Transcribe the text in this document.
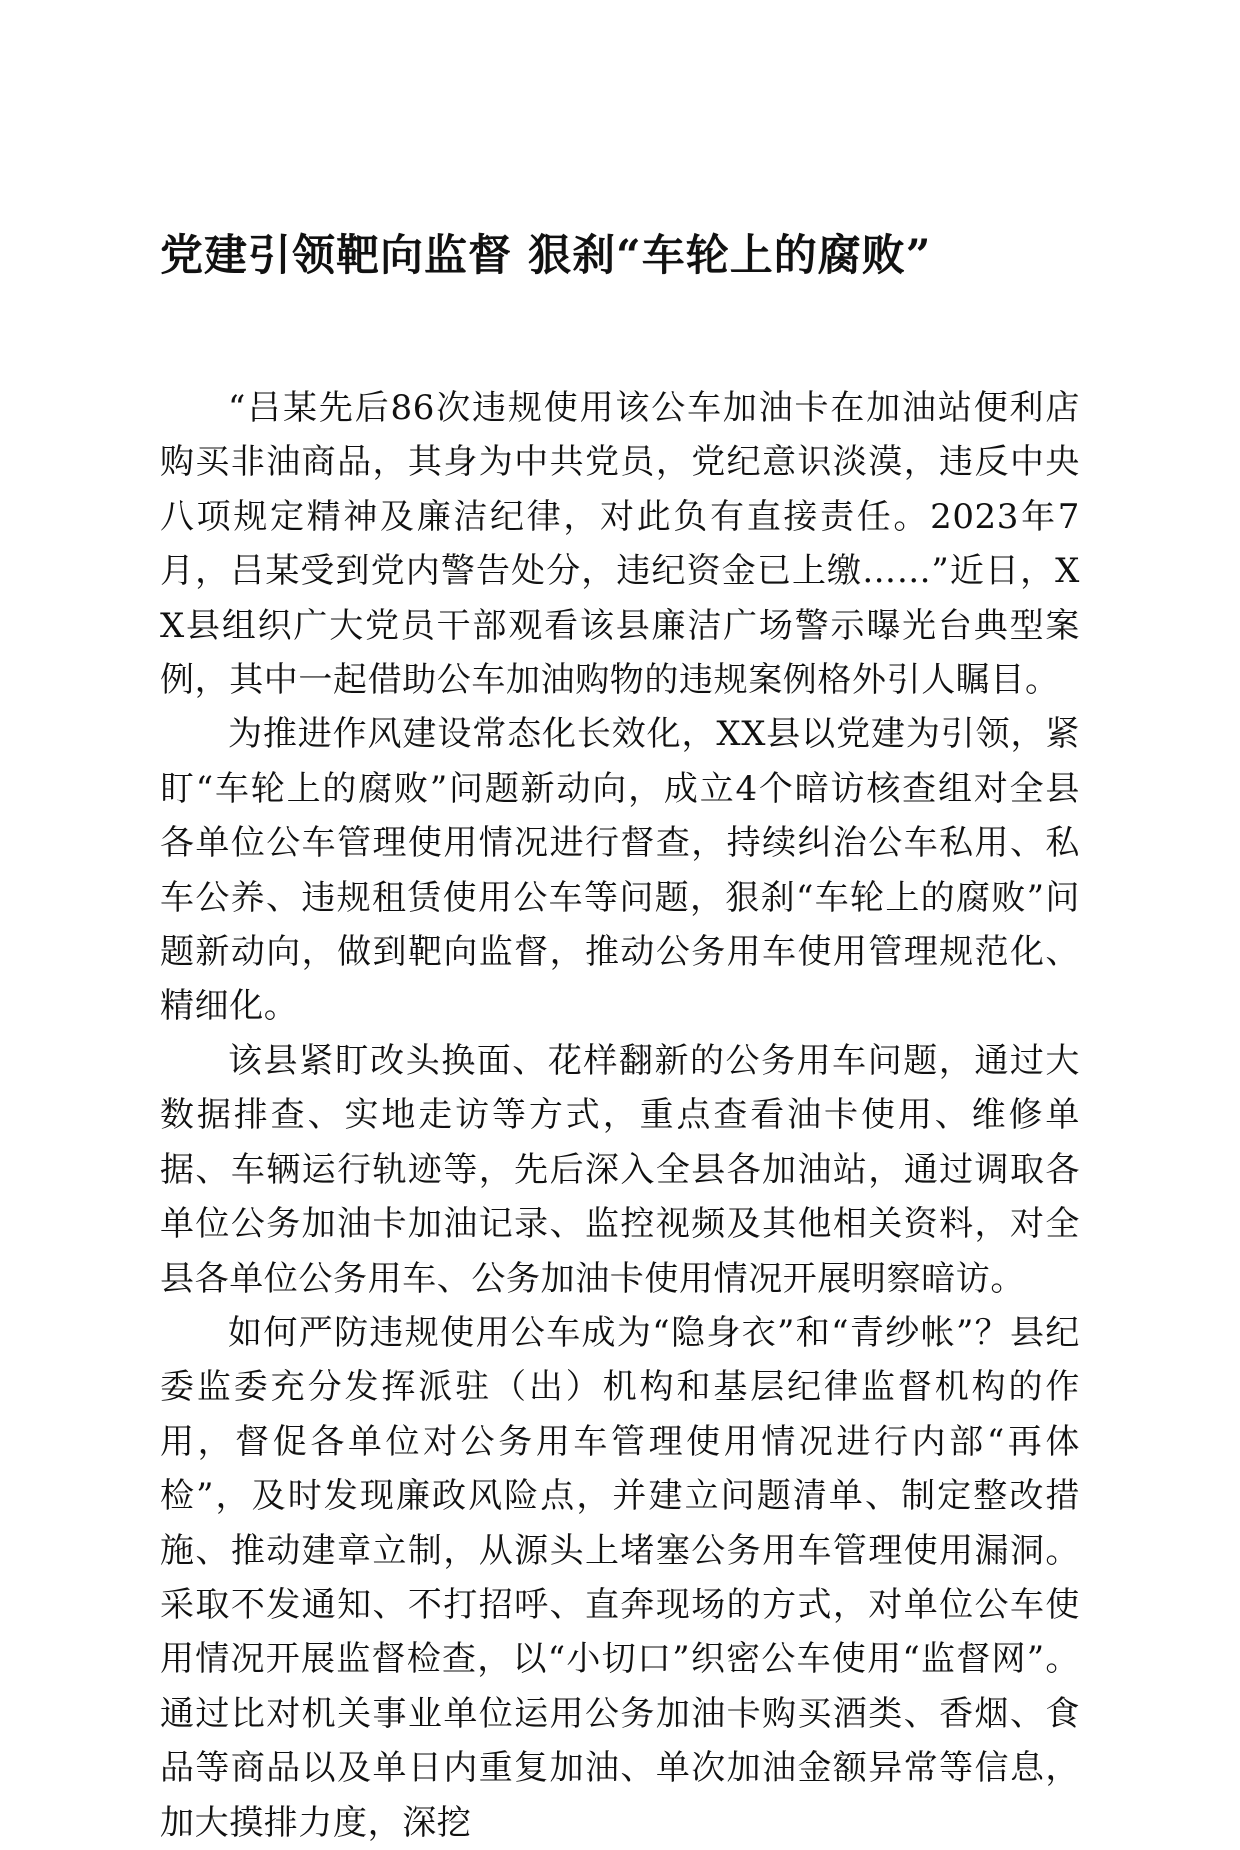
党建引领靶向监督 狠刹“车轮上的腐败”

“吕某先后86次违规使用该公车加油卡在加油站便利店购买非油商品，其身为中共党员，党纪意识淡漠，违反中央八项规定精神及廉洁纪律，对此负有直接责任。2023年7月，吕某受到党内警告处分，违纪资金已上缴……”近日，XX县组织广大党员干部观看该县廉洁广场警示曝光台典型案例，其中一起借助公车加油购物的违规案例格外引人瞩目。

为推进作风建设常态化长效化，XX县以党建为引领，紧盯“车轮上的腐败”问题新动向，成立4个暗访核查组对全县各单位公车管理使用情况进行督查，持续纠治公车私用、私车公养、违规租赁使用公车等问题，狠刹“车轮上的腐败”问题新动向，做到靶向监督，推动公务用车使用管理规范化、精细化。

该县紧盯改头换面、花样翻新的公务用车问题，通过大数据排查、实地走访等方式，重点查看油卡使用、维修单据、车辆运行轨迹等，先后深入全县各加油站，通过调取各单位公务加油卡加油记录、监控视频及其他相关资料，对全县各单位公务用车、公务加油卡使用情况开展明察暗访。

如何严防违规使用公车成为“隐身衣”和“青纱帐”？县纪委监委充分发挥派驻（出）机构和基层纪律监督机构的作用，督促各单位对公务用车管理使用情况进行内部“再体检”，及时发现廉政风险点，并建立问题清单、制定整改措施、推动建章立制，从源头上堵塞公务用车管理使用漏洞。采取不发通知、不打招呼、直奔现场的方式，对单位公车使用情况开展监督检查，以“小切口”织密公车使用“监督网”。通过比对机关事业单位运用公务加油卡购买酒类、香烟、食品等商品以及单日内重复加油、单次加油金额异常等信息，加大摸排力度，深挖
